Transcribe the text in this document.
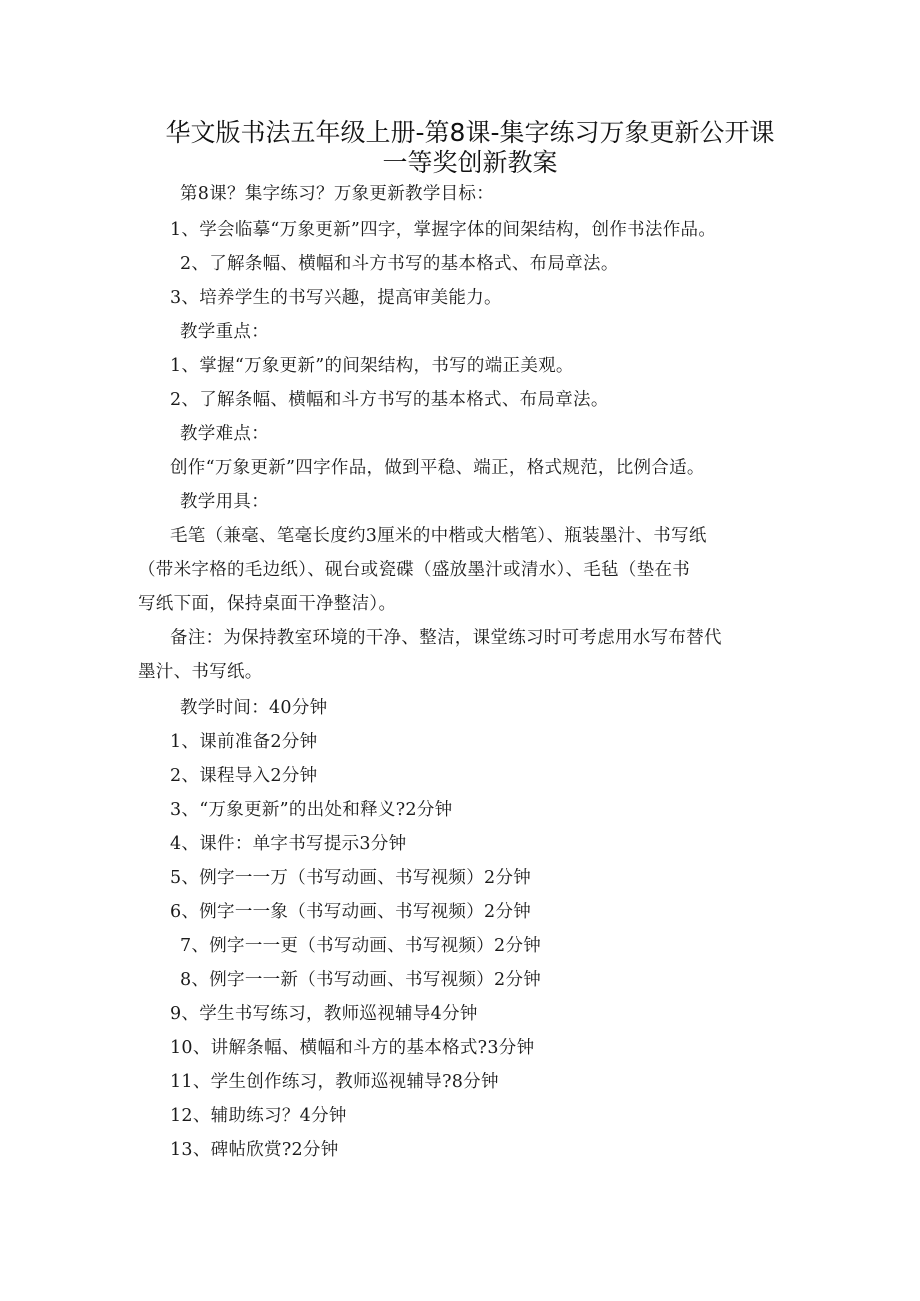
华文版书法五年级上册-第8课-集字练习万象更新公开课
一等奖创新教案
第8课？集字练习？万象更新教学目标：
1、学会临摹“万象更新”四字，掌握字体的间架结构，创作书法作品。
2、了解条幅、横幅和斗方书写的基本格式、布局章法。
3、培养学生的书写兴趣，提高审美能力。
教学重点：
1、掌握“万象更新”的间架结构，书写的端正美观。
2、了解条幅、横幅和斗方书写的基本格式、布局章法。
教学难点：
创作“万象更新”四字作品，做到平稳、端正，格式规范，比例合适。
教学用具：
毛笔（兼毫、笔毫长度约3厘米的中楷或大楷笔）、瓶装墨汁、书写纸
（带米字格的毛边纸）、砚台或瓷碟（盛放墨汁或清水）、毛毡（垫在书
写纸下面，保持桌面干净整洁）。
备注：为保持教室环境的干净、整洁，课堂练习时可考虑用水写布替代
墨汁、书写纸。
教学时间：40分钟
1、课前准备2分钟
2、课程导入2分钟
3、“万象更新”的出处和释义?2分钟
4、课件：单字书写提示3分钟
5、例字一一万（书写动画、书写视频）2分钟
6、例字一一象（书写动画、书写视频）2分钟
7、例字一一更（书写动画、书写视频）2分钟
8、例字一一新（书写动画、书写视频）2分钟
9、学生书写练习，教师巡视辅导4分钟
10、讲解条幅、横幅和斗方的基本格式?3分钟
11、学生创作练习，教师巡视辅导?8分钟
12、辅助练习？4分钟
13、碑帖欣赏?2分钟
